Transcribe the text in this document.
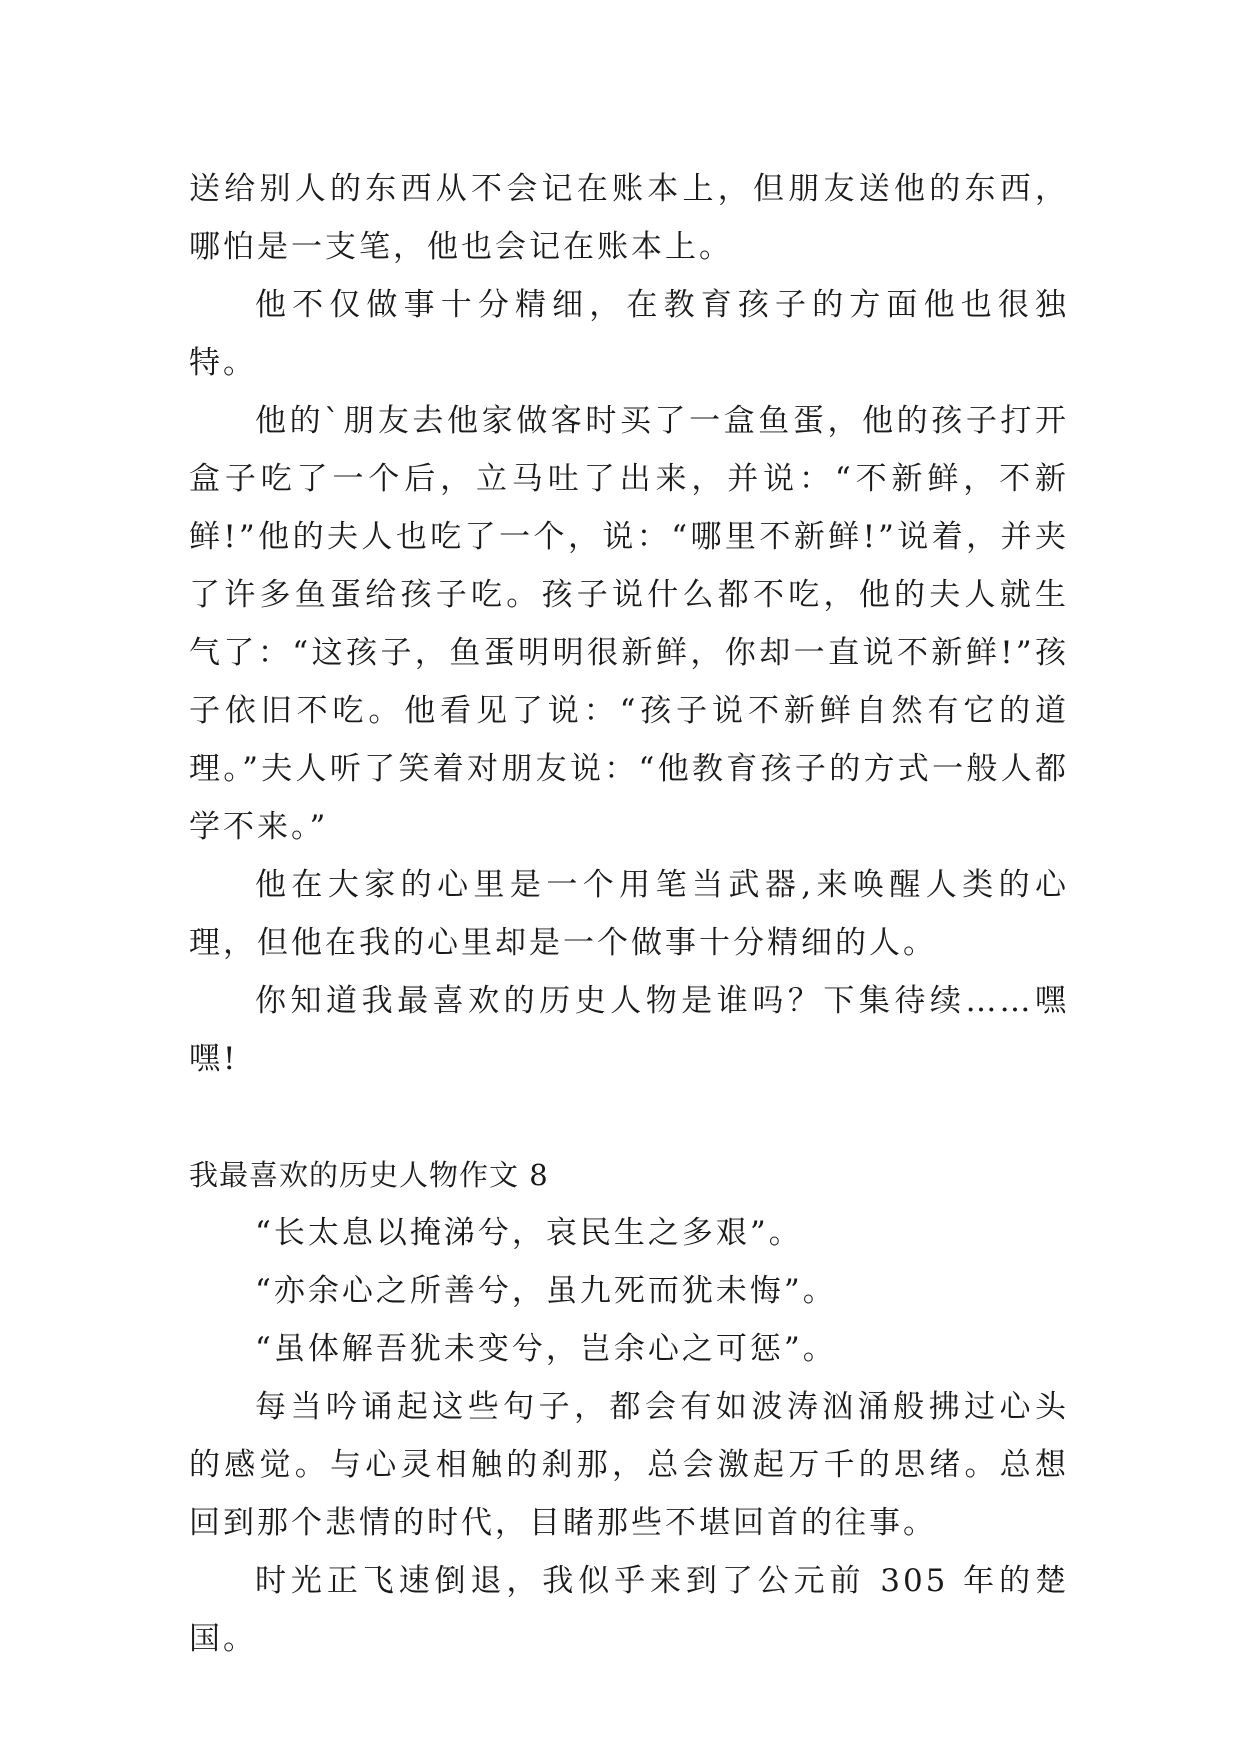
送给别人的东西从不会记在账本上，但朋友送他的东西，哪怕是一支笔，他也会记在账本上。

他不仅做事十分精细，在教育孩子的方面他也很独特。

他的`朋友去他家做客时买了一盒鱼蛋，他的孩子打开盒子吃了一个后，立马吐了出来，并说：“不新鲜，不新鲜!”他的夫人也吃了一个，说：“哪里不新鲜!”说着，并夹了许多鱼蛋给孩子吃。孩子说什么都不吃，他的夫人就生气了：“这孩子，鱼蛋明明很新鲜，你却一直说不新鲜!”孩子依旧不吃。他看见了说：“孩子说不新鲜自然有它的道理。”夫人听了笑着对朋友说：“他教育孩子的方式一般人都学不来。”

他在大家的心里是一个用笔当武器,来唤醒人类的心理，但他在我的心里却是一个做事十分精细的人。

你知道我最喜欢的历史人物是谁吗？下集待续……嘿嘿!

我最喜欢的历史人物作文 8

“长太息以掩涕兮，哀民生之多艰”。

“亦余心之所善兮，虽九死而犹未悔”。

“虽体解吾犹未变兮，岂余心之可惩”。

每当吟诵起这些句子，都会有如波涛汹涌般拂过心头的感觉。与心灵相触的刹那，总会激起万千的思绪。总想回到那个悲情的时代，目睹那些不堪回首的往事。

时光正飞速倒退，我似乎来到了公元前 305 年的楚国。
